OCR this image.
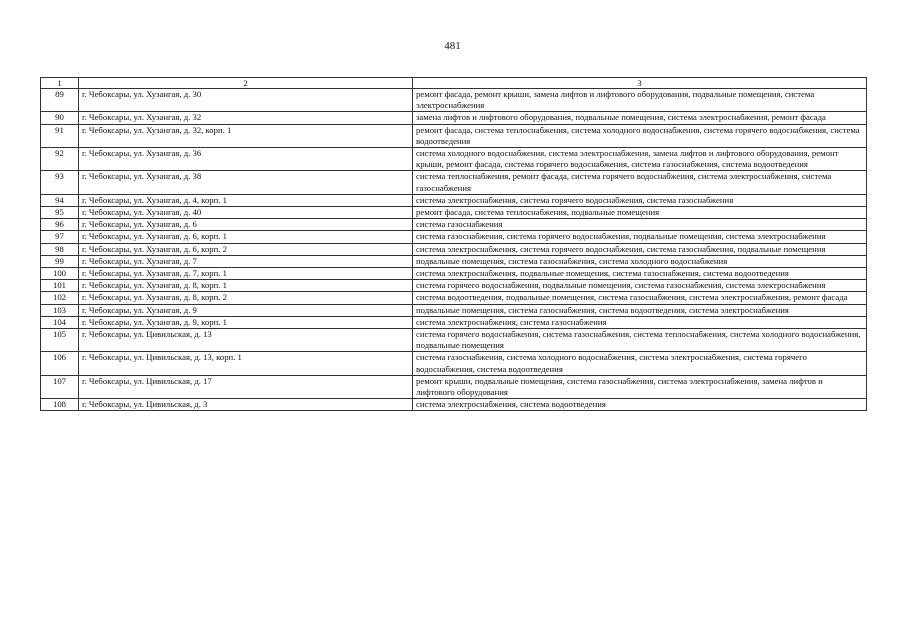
481
1	2	3
89	г. Чебоксары, ул. Хузангая, д. 30	ремонт фасада, ремонт крыши, замена лифтов и лифтового оборудования, подвальные помещения, система электроснабжения
90	г. Чебоксары, ул. Хузангая, д. 32	замена лифтов и лифтового оборудования, подвальные помещения, система электроснабжения, ремонт фасада
91	г. Чебоксары, ул. Хузангая, д. 32, корп. 1	ремонт фасада, система теплоснабжения, система холодного водоснабжения, система горячего водоснабжения, система водоотведения
92	г. Чебоксары, ул. Хузангая, д. 36	система холодного водоснабжения, система электроснабжения, замена лифтов и лифтового оборудования, ремонт крыши, ремонт фасада, система горячего водоснабжения, система газоснабжения, система водоотведения
93	г. Чебоксары, ул. Хузангая, д. 38	система теплоснабжения, ремонт фасада, система горячего водоснабжения, система электроснабжения, система газоснабжения
94	г. Чебоксары, ул. Хузангая, д. 4, корп. 1	система электроснабжения, система горячего водоснабжения, система газоснабжения
95	г. Чебоксары, ул. Хузангая, д. 40	ремонт фасада, система теплоснабжения, подвальные помещения
96	г. Чебоксары, ул. Хузангая, д. 6	система газоснабжения
97	г. Чебоксары, ул. Хузангая, д. 6, корп. 1	система газоснабжения, система горячего водоснабжения, подвальные помещения, система электроснабжения
98	г. Чебоксары, ул. Хузангая, д. 6, корп. 2	система электроснабжения, система горячего водоснабжения, система газоснабжения, подвальные помещения
99	г. Чебоксары, ул. Хузангая, д. 7	подвальные помещения, система газоснабжения, система холодного водоснабжения
100	г. Чебоксары, ул. Хузангая, д. 7, корп. 1	система электроснабжения, подвальные помещения, система газоснабжения, система водоотведения
101	г. Чебоксары, ул. Хузангая, д. 8, корп. 1	система горячего водоснабжения, подвальные помещения, система газоснабжения, система электроснабжения
102	г. Чебоксары, ул. Хузангая, д. 8, корп. 2	система водоотведения, подвальные помещения, система газоснабжения, система электроснабжения, ремонт фасада
103	г. Чебоксары, ул. Хузангая, д. 9	подвальные помещения, система газоснабжения, система водоотведения, система электроснабжения
104	г. Чебоксары, ул. Хузангая, д. 9, корп. 1	система электроснабжения, система газоснабжения
105	г. Чебоксары, ул. Цивильская, д. 13	система горячего водоснабжения, система газоснабжения, система теплоснабжения, система холодного водоснабжения, подвальные помещения
106	г. Чебоксары, ул. Цивильская, д. 13, корп. 1	система газоснабжения, система холодного водоснабжения, система электроснабжения, система горячего водоснабжения, система водоотведения
107	г. Чебоксары, ул. Цивильская, д. 17	ремонт крыши, подвальные помещения, система газоснабжения, система электроснабжения, замена лифтов и лифтового оборудования
108	г. Чебоксары, ул. Цивильская, д. 3	система электроснабжения, система водоотведения
